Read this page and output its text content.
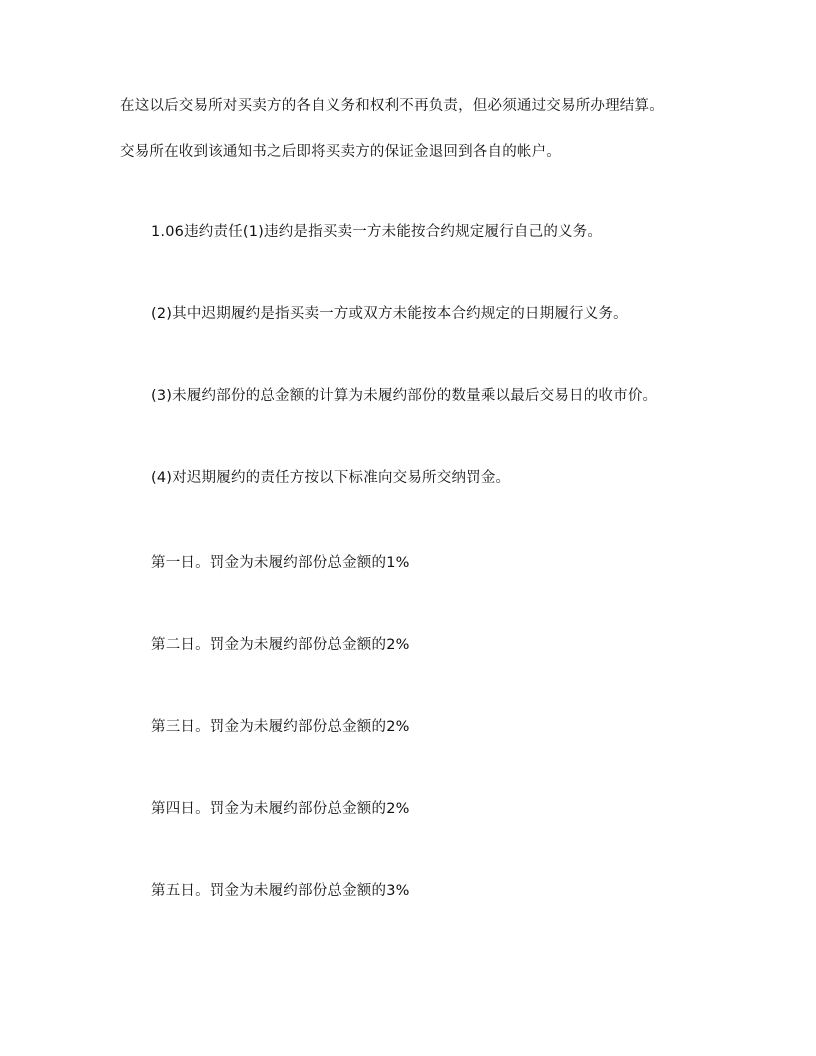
在这以后交易所对买卖方的各自义务和权利不再负责，但必须通过交易所办理结算。
交易所在收到该通知书之后即将买卖方的保证金退回到各自的帐户。
1.06违约责任(1)违约是指买卖一方未能按合约规定履行自己的义务。
(2)其中迟期履约是指买卖一方或双方未能按本合约规定的日期履行义务。
(3)未履约部份的总金额的计算为未履约部份的数量乘以最后交易日的收市价。
(4)对迟期履约的责任方按以下标准向交易所交纳罚金。
第一日。罚金为未履约部份总金额的1%
第二日。罚金为未履约部份总金额的2%
第三日。罚金为未履约部份总金额的2%
第四日。罚金为未履约部份总金额的2%
第五日。罚金为未履约部份总金额的3%
